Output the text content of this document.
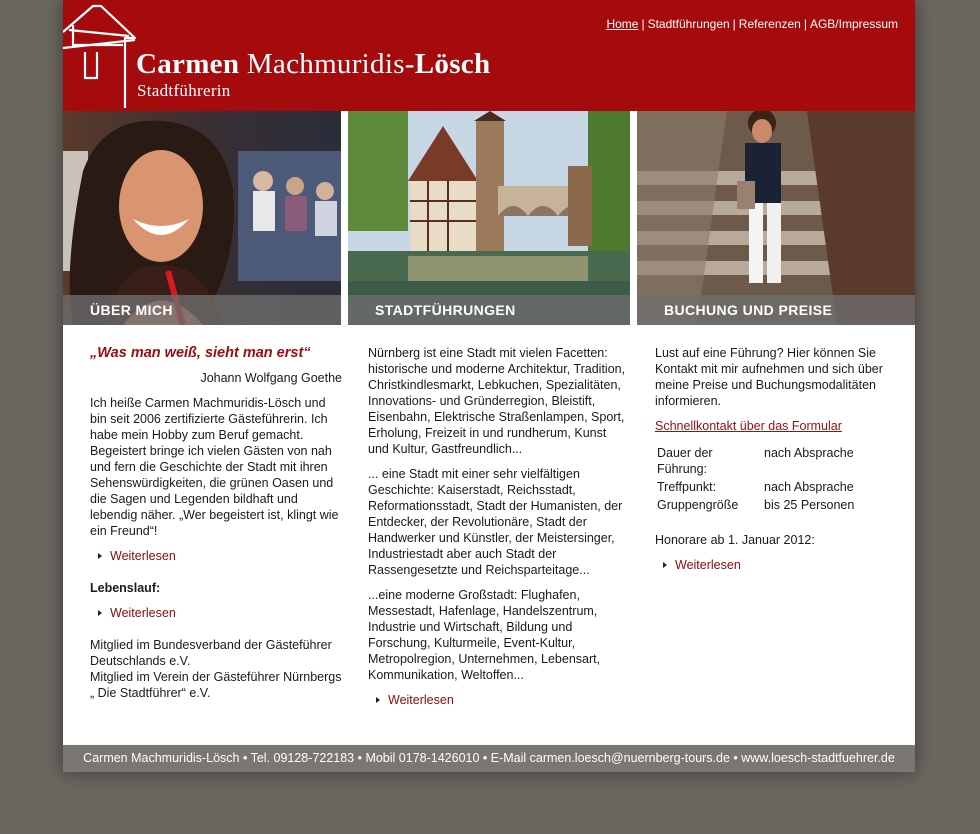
Carmen Machmuridis-Lösch
Stadtführerin
Home | Stadtführungen | Referenzen | AGB/Impressum
ÜBER MICH	STADTFÜHRUNGEN	BUCHUNG UND PREISE

„Was man weiß, sieht man erst“

Johann Wolfgang Goethe

Ich heiße Carmen Machmuridis-Lösch und bin seit 2006 zertifizierte Gästeführerin. Ich habe mein Hobby zum Beruf gemacht. Begeistert bringe ich vielen Gästen von nah und fern die Geschichte der Stadt mit ihren Sehenswürdigkeiten, die grünen Oasen und die Sagen und Legenden bildhaft und lebendig näher. „Wer begeistert ist, klingt wie ein Freund“!

Weiterlesen

Lebenslauf:

Weiterlesen

Mitglied im Bundesverband der Gästeführer Deutschlands e.V.

Mitglied im Verein der Gästeführer Nürnbergs „ Die Stadtführer“ e.V.

Nürnberg ist eine Stadt mit vielen Facetten: historische und moderne Architektur, Tradition, Christkindlesmarkt, Lebkuchen, Spezialitäten, Innovations- und Gründerregion, Bleistift, Eisenbahn, Elektrische Straßenlampen, Sport, Erholung, Freizeit in und rundherum, Kunst und Kultur, Gastfreundlich...

... eine Stadt mit einer sehr vielfältigen Geschichte: Kaiserstadt, Reichsstadt, Reformationsstadt, Stadt der Humanisten, der Entdecker, der Revolutionäre, Stadt der Handwerker und Künstler, der Meistersinger, Industriestadt aber auch Stadt der Rassengesetzte und Reichsparteitage...

...eine moderne Großstadt: Flughafen, Messestadt, Hafenlage, Handelszentrum, Industrie und Wirtschaft, Bildung und Forschung, Kulturmeile, Event-Kultur, Metropolregion, Unternehmen, Lebensart, Kommunikation, Weltoffen...

Weiterlesen

Lust auf eine Führung? Hier können Sie Kontakt mit mir aufnehmen und sich über meine Preise und Buchungsmodalitäten informieren.

Schnellkontakt über das Formular
Dauer der Führung:	nach Absprache
Treffpunkt:	nach Absprache
Gruppengröße	bis 25 Personen

Honorare ab 1. Januar 2012:

Weiterlesen
Carmen Machmuridis-Lösch • Tel. 09128-722183 • Mobil 0178-1426010 • E-Mail carmen.loesch@nuernberg-tours.de • www.loesch-stadtfuehrer.de
